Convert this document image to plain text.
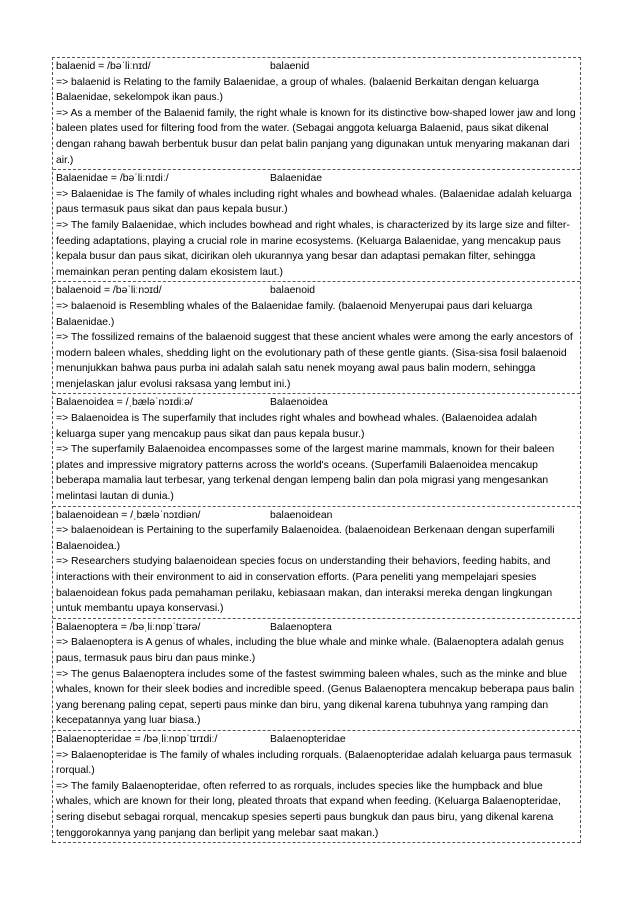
balaenid = /bəˈliːnɪd/	balaenid

=> balaenid is Relating to the family Balaenidae, a group of whales. (balaenid Berkaitan dengan keluarga Balaenidae, sekelompok ikan paus.)

=> As a member of the Balaenid family, the right whale is known for its distinctive bow-shaped lower jaw and long baleen plates used for filtering food from the water. (Sebagai anggota keluarga Balaenid, paus sikat dikenal dengan rahang bawah berbentuk busur dan pelat balin panjang yang digunakan untuk menyaring makanan dari air.)

Balaenidae = /bəˈliːnɪdiː/	Balaenidae

=> Balaenidae is The family of whales including right whales and bowhead whales. (Balaenidae adalah keluarga paus termasuk paus sikat dan paus kepala busur.)

=> The family Balaenidae, which includes bowhead and right whales, is characterized by its large size and filter-feeding adaptations, playing a crucial role in marine ecosystems. (Keluarga Balaenidae, yang mencakup paus kepala busur dan paus sikat, dicirikan oleh ukurannya yang besar dan adaptasi pemakan filter, sehingga memainkan peran penting dalam ekosistem laut.)

balaenoid = /bəˈliːnɔɪd/	balaenoid

=> balaenoid is Resembling whales of the Balaenidae family. (balaenoid Menyerupai paus dari keluarga Balaenidae.)

=> The fossilized remains of the balaenoid suggest that these ancient whales were among the early ancestors of modern baleen whales, shedding light on the evolutionary path of these gentle giants. (Sisa-sisa fosil balaenoid menunjukkan bahwa paus purba ini adalah salah satu nenek moyang awal paus balin modern, sehingga menjelaskan jalur evolusi raksasa yang lembut ini.)

Balaenoidea = /ˌbæləˈnɔɪdiːə/	Balaenoidea

=> Balaenoidea is The superfamily that includes right whales and bowhead whales. (Balaenoidea adalah keluarga super yang mencakup paus sikat dan paus kepala busur.)

=> The superfamily Balaenoidea encompasses some of the largest marine mammals, known for their baleen plates and impressive migratory patterns across the world's oceans. (Superfamili Balaenoidea mencakup beberapa mamalia laut terbesar, yang terkenal dengan lempeng balin dan pola migrasi yang mengesankan melintasi lautan di dunia.)

balaenoidean = /ˌbæləˈnɔɪdiən/	balaenoidean

=> balaenoidean is Pertaining to the superfamily Balaenoidea. (balaenoidean Berkenaan dengan superfamili Balaenoidea.)

=> Researchers studying balaenoidean species focus on understanding their behaviors, feeding habits, and interactions with their environment to aid in conservation efforts. (Para peneliti yang mempelajari spesies balaenoidean fokus pada pemahaman perilaku, kebiasaan makan, dan interaksi mereka dengan lingkungan untuk membantu upaya konservasi.)

Balaenoptera = /bəˌliːnɒpˈtɪərə/	Balaenoptera

=> Balaenoptera is A genus of whales, including the blue whale and minke whale. (Balaenoptera adalah genus paus, termasuk paus biru dan paus minke.)

=> The genus Balaenoptera includes some of the fastest swimming baleen whales, such as the minke and blue whales, known for their sleek bodies and incredible speed. (Genus Balaenoptera mencakup beberapa paus balin yang berenang paling cepat, seperti paus minke dan biru, yang dikenal karena tubuhnya yang ramping dan kecepatannya yang luar biasa.)

Balaenopteridae = /bəˌliːnɒpˈtɪrɪdiː/	Balaenopteridae

=> Balaenopteridae is The family of whales including rorquals. (Balaenopteridae adalah keluarga paus termasuk rorqual.)

=> The family Balaenopteridae, often referred to as rorquals, includes species like the humpback and blue whales, which are known for their long, pleated throats that expand when feeding. (Keluarga Balaenopteridae, sering disebut sebagai rorqual, mencakup spesies seperti paus bungkuk dan paus biru, yang dikenal karena tenggorokannya yang panjang dan berlipit yang melebar saat makan.)
